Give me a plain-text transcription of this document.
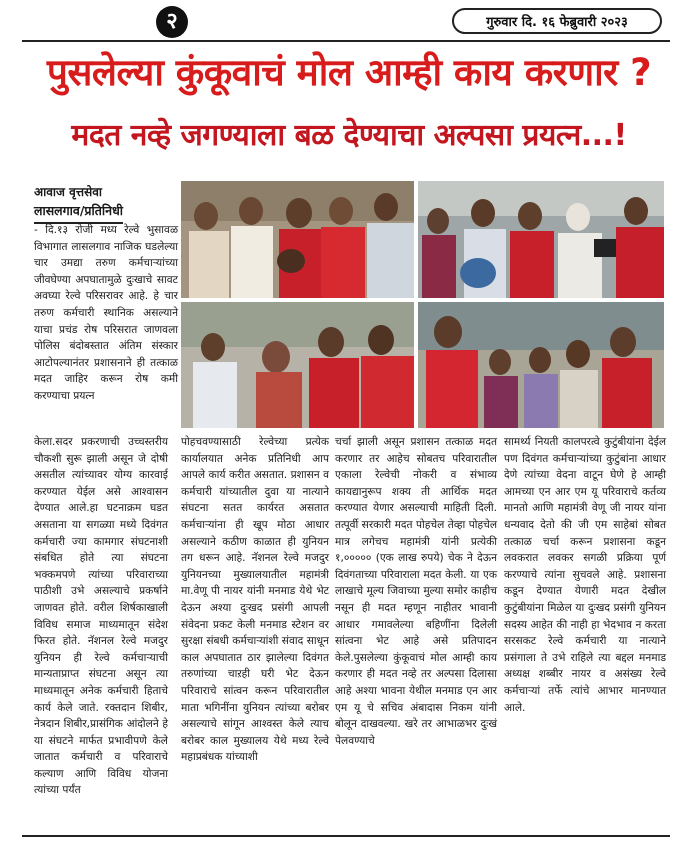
२	गुरुवार दि. १६ फेब्रुवारी २०२३
पुसलेल्या कुंकूवाचं मोल आम्ही काय करणार ?
मदत नव्हे जगण्याला बळ देण्याचा अल्पसा प्रयत्न...!
आवाज वृत्तसेवा
लासलगाव/प्रतिनिधी

- दि.१३ रोजी मध्य रेल्वे भुसावळ विभागात लासलगाव नाजिक घडलेल्या चार उमद्या तरुण कर्मचाऱ्यांच्या जीवघेण्या अपघातामुळे दुःखाचे सावट अवघ्या रेल्वे परिसरावर आहे. हे चार तरुण कर्मचारी स्थानिक असल्याने याचा प्रचंड रोष परिसरात जाणवला पोलिस बंदोबस्तात अंतिम संस्कार आटोपल्यानंतर प्रशासनाने ही तत्काळ मदत जाहिर करून रोष कमी करण्याचा प्रयत्न

केला.सदर प्रकरणाची उच्चस्तरीय चौकशी सुरू झाली असून जे दोषी असतील त्यांच्यावर योग्य कारवाई करण्यात येईल असे आश्वासन देण्यात आले.हा घटनाक्रम घडत असताना या सगळ्या मध्ये दिवंगत कर्मचारी ज्या कामगार संघटनाशी संबधित होते त्या संघटना भक्कमपणे त्यांच्या परिवाराच्या पाठीशी उभे असल्याचे प्रकर्षाने जाणवत होते. वरील शिर्षकाखाली विविध समाज माध्यमातून संदेश फिरत होते. नॅशनल रेल्वे मजदुर युनियन ही रेल्वे कर्मचाऱ्याची मान्यताप्राप्त संघटना असून त्या माध्यमातून अनेक कर्मचारी हिताचे कार्य केले जाते. रक्तदान शिबीर, नेत्रदान शिबीर,प्रासंगिक आंदोलने हे या संघटने मार्फत प्रभावीपणे केले जातात कर्मचारी व परिवाराचे कल्याण आणि विविध योजना त्यांच्या पर्यंत

पोहचवण्यासाठी रेल्वेच्या प्रत्येक कार्यालयात अनेक प्रतिनिधी आप आपले कार्य करीत असतात. प्रशासन व कर्मचारी यांच्यातील दुवा या नात्याने संघटना सतत कार्यरत असतात कर्मचाऱ्यांना ही खूप मोठा आधार असल्याने कठीण काळात ही युनियन तग धरून आहे. नॅशनल रेल्वे मजदुर युनियनच्या मुख्यालयातील महामंत्री मा.वेणू पी नायर यांनी मनमाड येथे भेट देऊन अश्या दुःखद प्रसंगी आपली संवेदना प्रकट केली मनमाड स्टेशन वर सुरक्षा संबधी कर्मचाऱ्यांशी संवाद साधून काल अपघातात ठार झालेल्या दिवंगत तरुणांच्या चाऱही घरी भेट देऊन परिवाराचे सांत्वन करून परिवारातील माता भगिनींना युनियन त्यांच्या बरोबर असल्याचे सांगून आश्वस्त केले त्याच बरोबर काल मुख्यालय येथे मध्य रेल्वे महाप्रबंधक यांच्याशी

चर्चा झाली असून प्रशासन तत्काळ मदत करणार तर आहेच सोबतच परिवारातील एकाला रेल्वेची नोकरी व संभाव्य कायद्यानुरूप शक्य ती आर्थिक मदत करण्यात येणार असल्याची माहिती दिली. तत्पूर्वी सरकारी मदत पोहचेल तेव्हा पोहचेल मात्र लगेचच महामंत्री यांनी प्रत्येकी १,००००० (एक लाख रुपये) चेक ने देऊन दिवंगताच्या परिवाराला मदत केली. या एक लाखाचे मूल्य जिवाच्या मुल्या समोर काहीच नसून ही मदत म्हणून नाहीतर भावानी आधार गमावलेल्या बहिणींना दिलेली सांत्वना भेट आहे असे प्रतिपादन केले.पुसलेल्या कुंकूवाचं मोल आम्ही काय करणार ही मदत नव्हे तर अल्पसा दिलासा आहे अश्या भावना येथील मनमाड एन आर एम यू चे सचिव अंबादास निकम यांनी बोलून दाखवल्या. खरे तर आभाळभर दुःखं पेलवण्याचे

सामर्थ्य नियती कालपरत्वे कुटुंबीयांना देईल पण दिवंगत कर्मचाऱ्यांच्या कुटुंबांना आधार देणे त्यांच्या वेदना वाटून घेणे हे आम्ही आमच्या एन आर एम यू परिवाराचे कर्तव्य मानतो आणि महामंत्री वेणू जी नायर यांना धन्यवाद देतो की जी एम साहेबां सोबत तत्काळ चर्चा करून प्रशासना कडून लवकरात लवकर सगळी प्रक्रिया पूर्ण करण्याचे त्यांना सुचवले आहे. प्रशासना कडून देण्यात येणारी मदत देखील कुटुंबीयांना मिळेल या दुःखद प्रसंगी युनियन सदस्य आहेत की नाही हा भेदभाव न करता सरसकट रेल्वे कर्मचारी या नात्याने प्रसंगाला ते उभे राहिले त्या बद्दल मनमाड अध्यक्ष शब्बीर नायर व असंख्य रेल्वे कर्मचाऱ्यां तर्फे त्यांचे आभार मानण्यात आले.
